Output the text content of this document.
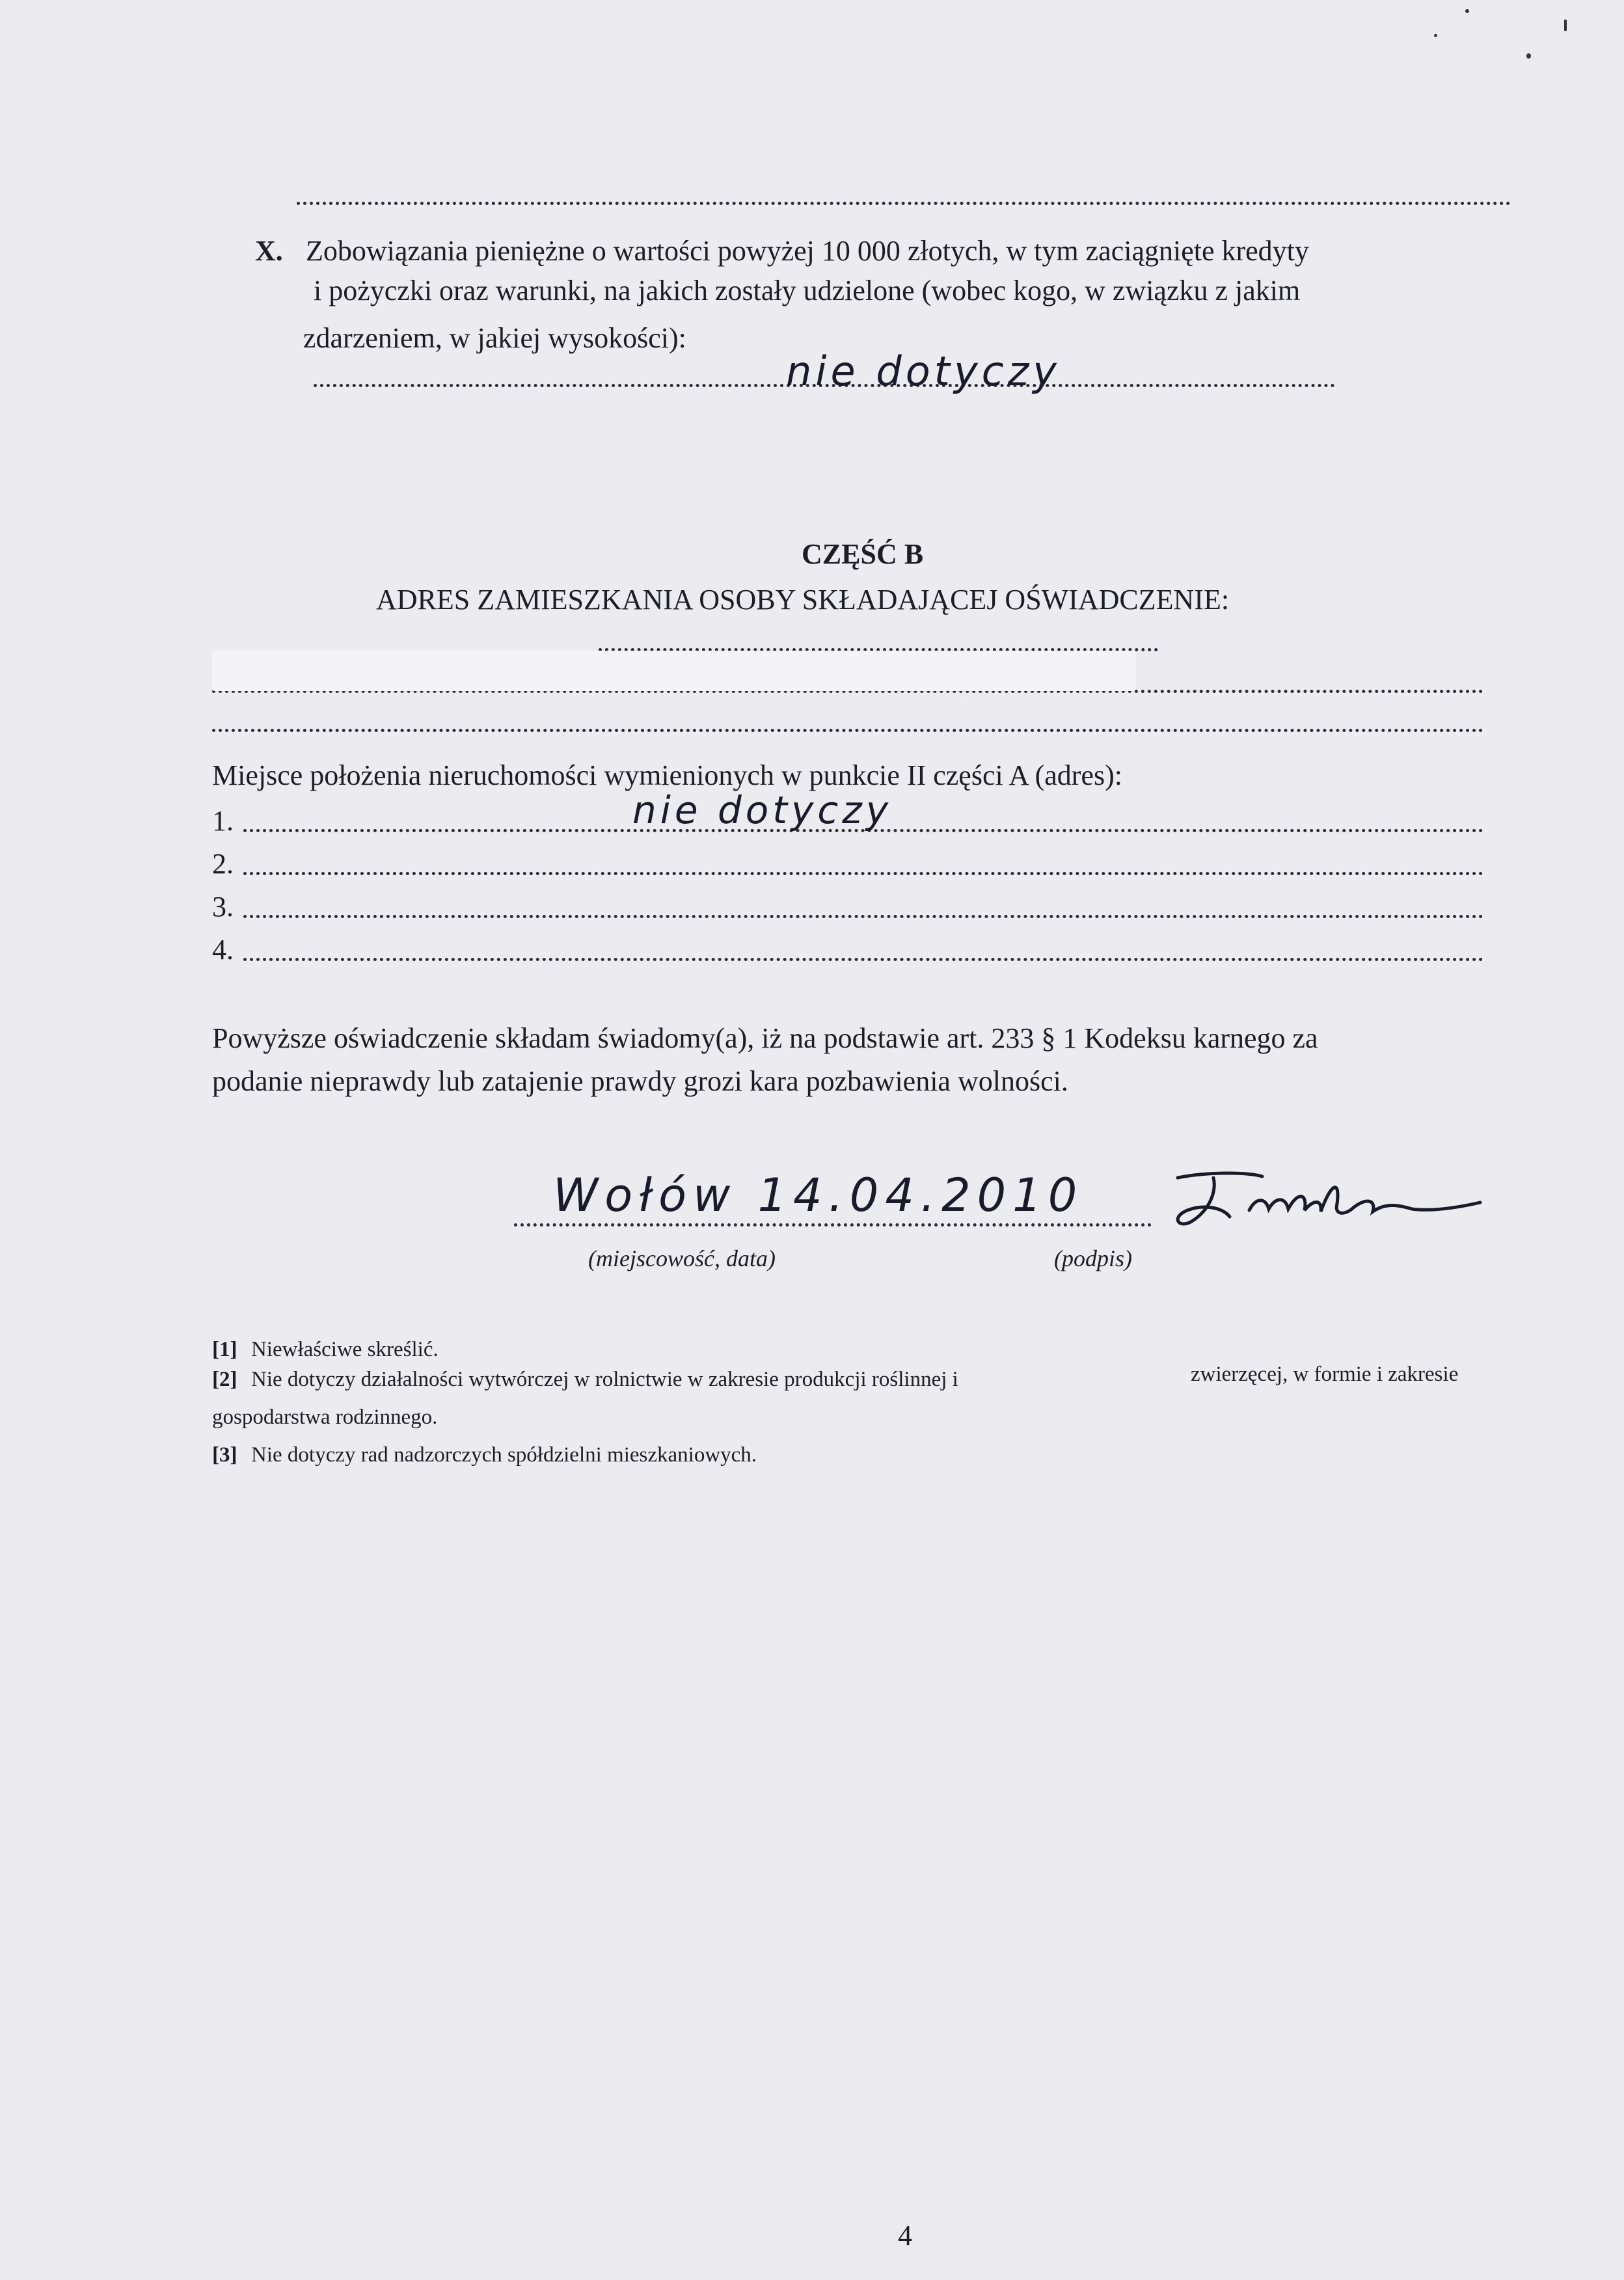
X. Zobowiązania pieniężne o wartości powyżej 10 000 złotych, w tym zaciągnięte kredyty
i pożyczki oraz warunki, na jakich zostały udzielone (wobec kogo, w związku z jakim
zdarzeniem, w jakiej wysokości):
nie dotyczy
CZĘŚĆ B
ADRES ZAMIESZKANIA OSOBY SKŁADAJĄCEJ OŚWIADCZENIE:
Miejsce położenia nieruchomości wymienionych w punkcie II części A (adres):
1.	nie dotyczy
2.
3.
4.
Powyższe oświadczenie składam świadomy(a), iż na podstawie art. 233 § 1 Kodeksu karnego za
podanie nieprawdy lub zatajenie prawdy grozi kara pozbawienia wolności.
Wołów 14.04.2010
(miejscowość, data)	(podpis)
[1] Niewłaściwe skreślić.
[2] Nie dotyczy działalności wytwórczej w rolnictwie w zakresie produkcji roślinnej i	zwierzęcej, w formie i zakresie
gospodarstwa rodzinnego.
[3] Nie dotyczy rad nadzorczych spółdzielni mieszkaniowych.
4
